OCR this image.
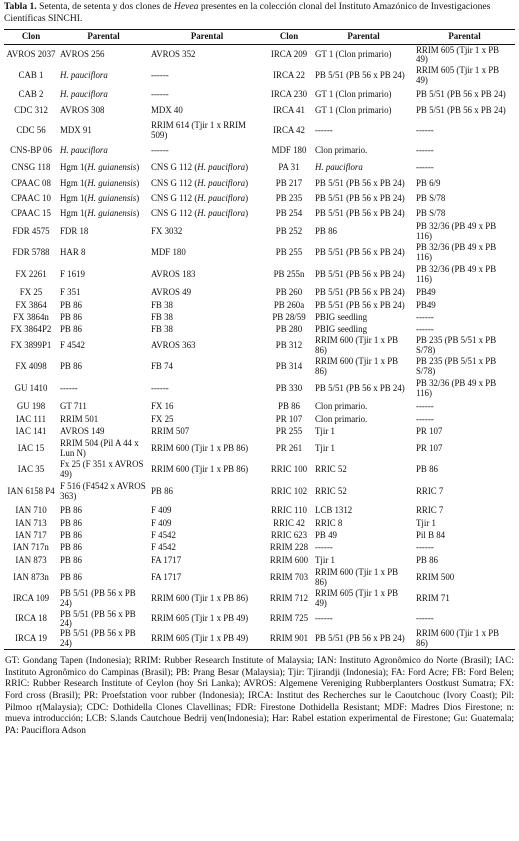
Tabla 1. Setenta, de setenta y dos clones de Hevea presentes en la colección clonal del Instituto Amazónico de Investigaciones Científicas SINCHI.

Clon	Parental	Parental	Clon	Parental	Parental
AVROS 2037	AVROS 256	AVROS 352	IRCA 209	GT 1 (Clon primario)	RRIM 605 (Tjir 1 x PB 49)
CAB 1	H. pauciflora	------	IRCA 22	PB 5/51 (PB 56 x PB 24)	RRIM 605 (Tjir 1 x PB 49)
CAB 2	H. pauciflora	------	IRCA 230	GT 1 (Clon primario)	PB 5/51 (PB 56 x PB 24)
CDC 312	AVROS 308	MDX 40	IRCA 41	GT 1 (Clon primario)	PB 5/51 (PB 56 x PB 24)
CDC 56	MDX 91	RRIM 614 (Tjir 1 x RRIM 509)	IRCA 42	------	------
CNS-BP 06	H. pauciflora	------	MDF 180	Clon primario.	------
CNSG 118	Hgm 1(H. guianensis)	CNS G 112 (H. pauciflora)	PA 31	H. pauciflora	------
CPAAC 08	Hgm 1(H. guianensis)	CNS G 112 (H. pauciflora)	PB 217	PB 5/51 (PB 56 x PB 24)	PB 6/9
CPAAC 10	Hgm 1(H. guianensis)	CNS G 112 (H. pauciflora)	PB 235	PB 5/51 (PB 56 x PB 24)	PB S/78
CPAAC 15	Hgm 1(H. guianensis)	CNS G 112 (H. pauciflora)	PB 254	PB 5/51 (PB 56 x PB 24)	PB S/78
FDR 4575	FDR 18	FX 3032	PB 252	PB 86	PB 32/36 (PB 49 x PB 116)
FDR 5788	HAR 8	MDF 180	PB 255	PB 5/51 (PB 56 x PB 24)	PB 32/36 (PB 49 x PB 116)
FX 2261	F 1619	AVROS 183	PB 255n	PB 5/51 (PB 56 x PB 24)	PB 32/36 (PB 49 x PB 116)
FX 25	F 351	AVROS 49	PB 260	PB 5/51 (PB 56 x PB 24)	PB49
FX 3864	PB 86	FB 38	PB 260a	PB 5/51 (PB 56 x PB 24)	PB49
FX 3864n	PB 86	FB 38	PB 28/59	PBIG seedling	------
FX 3864P2	PB 86	FB 38	PB 280	PBIG seedling	------
FX 3899P1	F 4542	AVROS 363	PB 312	RRIM 600 (Tjir 1 x PB 86)	PB 235 (PB 5/51 x PB S/78)
FX 4098	PB 86	FB 74	PB 314	RRIM 600 (Tjir 1 x PB 86)	PB 235 (PB 5/51 x PB S/78)
GU 1410	------	------	PB 330	PB 5/51 (PB 56 x PB 24)	PB 32/36 (PB 49 x PB 116)
GU 198	GT 711	FX 16	PB 86	Clon primario.	------
IAC 111	RRIM 501	FX 25	PR 107	Clon primario.	------
IAC 141	AVROS 149	RRIM 507	PR 255	Tjir 1	PR 107
IAC 15	RRIM 504 (Pil A 44 x Lun N)	RRIM 600 (Tjir 1 x PB 86)	PR 261	Tjir 1	PR 107
IAC 35	Fx 25 (F 351 x AVROS 49)	RRIM 600 (Tjir 1 x PB 86)	RRIC 100	RRIC 52	PB 86
IAN 6158 P4	F 516 (F4542 x AVROS 363)	PB 86	RRIC 102	RRIC 52	RRIC 7
IAN 710	PB 86	F 409	RRIC 110	LCB 1312	RRIC 7
IAN 713	PB 86	F 409	RRIC 42	RRIC 8	Tjir 1
IAN 717	PB 86	F 4542	RRIC 623	PB 49	Pil B 84
IAN 717n	PB 86	F 4542	RRIM 228	------	------
IAN 873	PB 86	FA 1717	RRIM 600	Tjir 1	PB 86
IAN 873n	PB 86	FA 1717	RRIM 703	RRIM 600 (Tjir 1 x PB 86)	RRIM 500
IRCA 109	PB 5/51 (PB 56 x PB 24)	RRIM 600 (Tjir 1 x PB 86)	RRIM 712	RRIM 605 (Tjir 1 x PB 49)	RRIM 71
IRCA 18	PB 5/51 (PB 56 x PB 24)	RRIM 605 (Tjir 1 x PB 49)	RRIM 725	------	------
IRCA 19	PB 5/51 (PB 56 x PB 24)	RRIM 605 (Tjir 1 x PB 49)	RRIM 901	PB 5/51 (PB 56 x PB 24)	RRIM 600 (Tjir 1 x PB 86)

GT: Gondang Tapen (Indonesia); RRIM: Rubber Research Institute of Malaysia; IAN: Instituto Agronômico do Norte (Brasil); IAC: Instituto Agronômico do Campinas (Brasil); PB: Prang Besar (Malaysia); Tjir: Tjirandji (Indonesia); FA: Ford Acre; FB: Ford Belen; RRIC: Rubber Research Institute of Ceylon (hoy Sri Lanka); AVROS: Algemene Vereniging Rubberplanters Oostkust Sumatra; FX: Ford cross (Brasil); PR: Proefstation voor rubber (Indonesia); IRCA: Institut des Recherches sur le Caoutchouc (Ivory Coast); Pil: Pilmoo r(Malaysia); CDC: Dothidella Clones Clavellinas; FDR: Firestone Dothidella Resistant; MDF: Madres Dios Firestone; n: mueva introducción; LCB: S.lands Cautchoue Bedrij ven(Indonesia); Har: Rabel estation experimental de Firestone; Gu: Guatemala; PA: Pauciflora Adson
